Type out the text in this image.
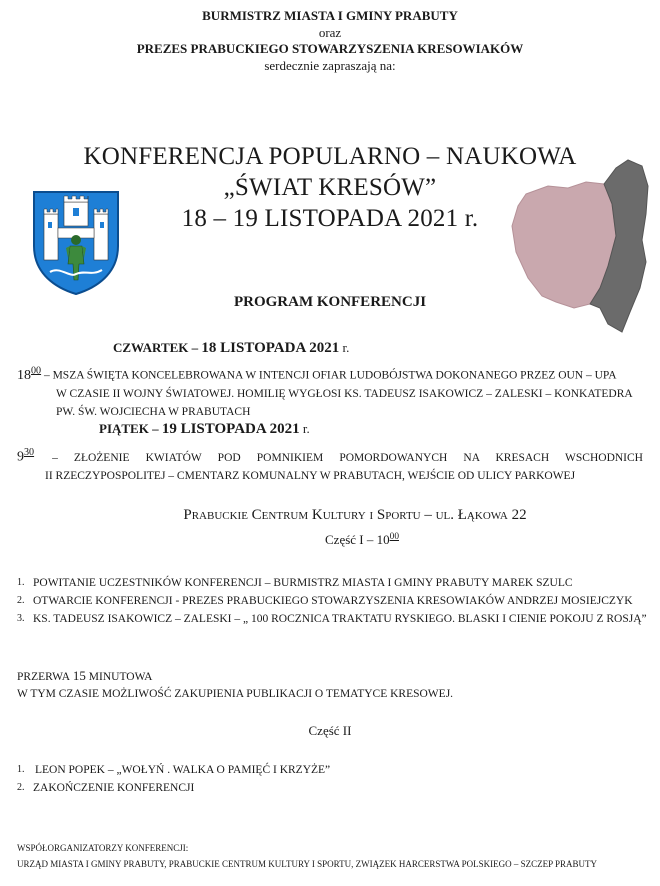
BURMISTRZ MIASTA I GMINY PRABUTY
oraz
PREZES PRABUCKIEGO STOWARZYSZENIA KRESOWIAKÓW
serdecznie zapraszają na:
KONFERENCJA POPULARNO – NAUKOWA
„ŚWIAT KRESÓW”
18 – 19 LISTOPADA 2021 r.
PROGRAM KONFERENCJI
CZWARTEK – 18 LISTOPADA 2021 r.
$18^{00}$ – MSZA ŚWIĘTA KONCELEBROWANA W INTENCJI OFIAR LUDOBÓJSTWA DOKONANEGO PRZEZ OUN – UPA
W CZASIE II WOJNY ŚWIATOWEJ. HOMILIĘ WYGŁOSI KS. TADEUSZ ISAKOWICZ – ZALESKI – KONKATEDRA
PW. ŚW. WOJCIECHA W PRABUTACH
PIĄTEK – 19 LISTOPADA 2021 r.
$9^{30}$ – ZŁOŻENIE KWIATÓW POD POMNIKIEM POMORDOWANYCH NA KRESACH WSCHODNICH
II RZECZYPOSPOLITEJ – CMENTARZ KOMUNALNY W PRABUTACH, WEJŚCIE OD ULICY PARKOWEJ
Prabuckie Centrum Kultury i Sportu – ul. Łąkowa 22
Część I – $10^{00}$
1. POWITANIE UCZESTNIKÓW KONFERENCJI – BURMISTRZ MIASTA I GMINY PRABUTY MAREK SZULC
2. OTWARCIE KONFERENCJI - PREZES PRABUCKIEGO STOWARZYSZENIA KRESOWIAKÓW ANDRZEJ MOSIEJCZYK
3. KS. TADEUSZ ISAKOWICZ – ZALESKI – „ 100 ROCZNICA TRAKTATU RYSKIEGO. BLASKI I CIENIE POKOJU Z ROSJĄ”
PRZERWA 15 MINUTOWA
W TYM CZASIE MOŻLIWOŚĆ ZAKUPIENIA PUBLIKACJI O TEMATYCE KRESOWEJ.
Część II
1. LEON POPEK – „WOŁYŃ . WALKA O PAMIĘĆ I KRZYŻE”
2. ZAKOŃCZENIE KONFERENCJI
WSPÓŁORGANIZATORZY KONFERENCJI:
URZĄD MIASTA I GMINY PRABUTY, PRABUCKIE CENTRUM KULTURY I SPORTU, ZWIĄZEK HARCERSTWA POLSKIEGO – SZCZEP PRABUTY
